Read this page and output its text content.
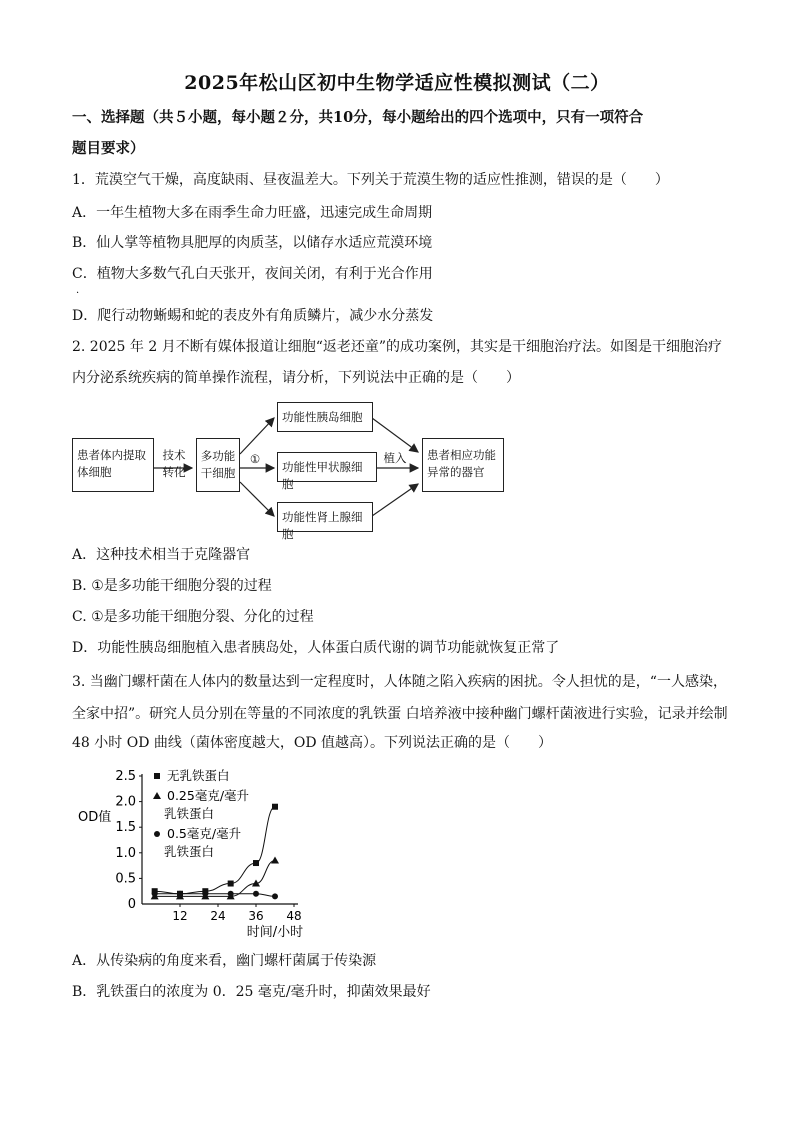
2025年松山区初中生物学适应性模拟测试（二）
一、选择题（共５小题，每小题２分，共10分，每小题给出的四个选项中，只有一项符合
题目要求）
1．荒漠空气干燥，高度缺雨、昼夜温差大。下列关于荒漠生物的适应性推测，错误的是（　　）
A．一年生植物大多在雨季生命力旺盛，迅速完成生命周期
B．仙人掌等植物具肥厚的肉质茎，以储存水适应荒漠环境
C．植物大多数气孔白天张开，夜间关闭，有利于光合作用
·
D．爬行动物蜥蜴和蛇的表皮外有角质鳞片，减少水分蒸发
2. 2025 年 2 月不断有媒体报道让细胞“返老还童”的成功案例，其实是干细胞治疗法。如图是干细胞治疗
内分泌系统疾病的简单操作流程，请分析，下列说法中正确的是（　　）
患者体内提取
体细胞
技术
转化
多功能
干细胞
①
功能性胰岛细胞
功能性甲状腺细胞
功能性肾上腺细胞
植入	患者相应功能
异常的器官
A．这种技术相当于克隆器官
B. ①是多功能干细胞分裂的过程
C. ①是多功能干细胞分裂、分化的过程
D．功能性胰岛细胞植入患者胰岛处，人体蛋白质代谢的调节功能就恢复正常了
3. 当幽门螺杆菌在人体内的数量达到一定程度时，人体随之陷入疾病的困扰。令人担忧的是，“一人感染，
全家中招”。研究人员分别在等量的不同浓度的乳铁蛋 白培养液中接种幽门螺杆菌液进行实验，记录并绘制
48 小时 OD 曲线（菌体密度越大，OD 值越高）。下列说法正确的是（　　）
0
0.5
1.0
1.5
2.0
2.5
12 24 36 48
OD值
时间/小时
无乳铁蛋白
0.25毫克/毫升
乳铁蛋白
0.5毫克/毫升
乳铁蛋白
A．从传染病的角度来看，幽门螺杆菌属于传染源
B．乳铁蛋白的浓度为 0．25 毫克/毫升时，抑菌效果最好
